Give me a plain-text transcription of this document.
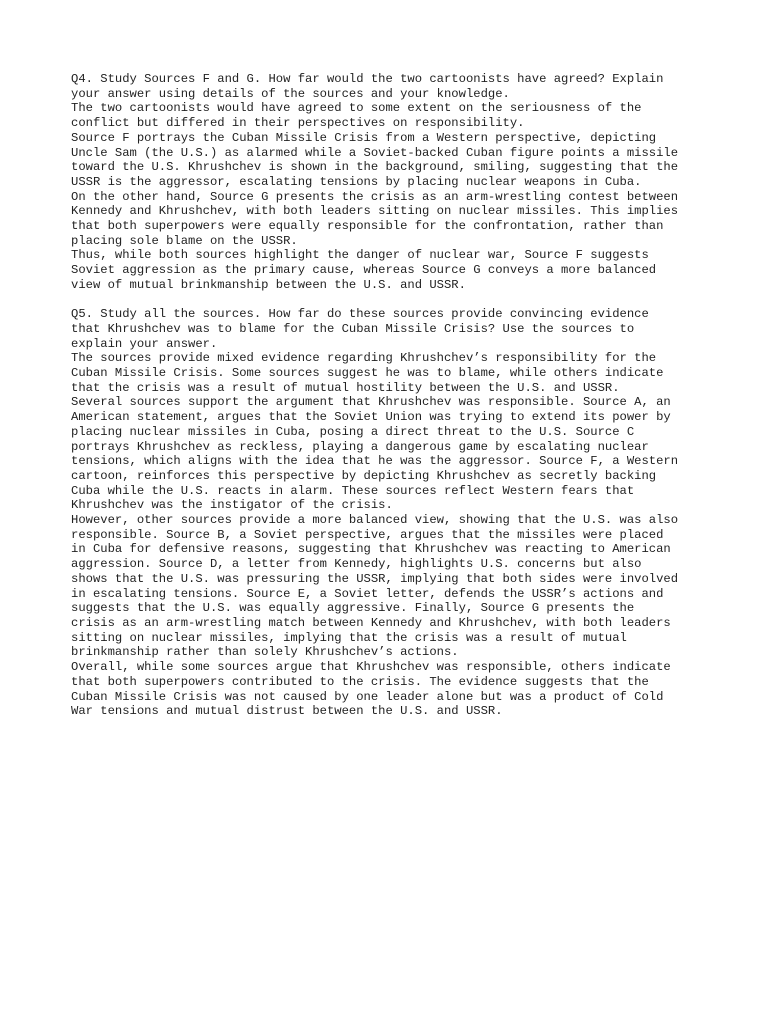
Q4. Study Sources F and G. How far would the two cartoonists have agreed? Explain

your answer using details of the sources and your knowledge.

The two cartoonists would have agreed to some extent on the seriousness of the

conflict but differed in their perspectives on responsibility.

Source F portrays the Cuban Missile Crisis from a Western perspective, depicting

Uncle Sam (the U.S.) as alarmed while a Soviet-backed Cuban figure points a missile

toward the U.S. Khrushchev is shown in the background, smiling, suggesting that the

USSR is the aggressor, escalating tensions by placing nuclear weapons in Cuba.

On the other hand, Source G presents the crisis as an arm-wrestling contest between

Kennedy and Khrushchev, with both leaders sitting on nuclear missiles. This implies

that both superpowers were equally responsible for the confrontation, rather than

placing sole blame on the USSR.

Thus, while both sources highlight the danger of nuclear war, Source F suggests

Soviet aggression as the primary cause, whereas Source G conveys a more balanced

view of mutual brinkmanship between the U.S. and USSR.

Q5. Study all the sources. How far do these sources provide convincing evidence

that Khrushchev was to blame for the Cuban Missile Crisis? Use the sources to

explain your answer.

The sources provide mixed evidence regarding Khrushchev’s responsibility for the

Cuban Missile Crisis. Some sources suggest he was to blame, while others indicate

that the crisis was a result of mutual hostility between the U.S. and USSR.

Several sources support the argument that Khrushchev was responsible. Source A, an

American statement, argues that the Soviet Union was trying to extend its power by

placing nuclear missiles in Cuba, posing a direct threat to the U.S. Source C

portrays Khrushchev as reckless, playing a dangerous game by escalating nuclear

tensions, which aligns with the idea that he was the aggressor. Source F, a Western

cartoon, reinforces this perspective by depicting Khrushchev as secretly backing

Cuba while the U.S. reacts in alarm. These sources reflect Western fears that

Khrushchev was the instigator of the crisis.

However, other sources provide a more balanced view, showing that the U.S. was also

responsible. Source B, a Soviet perspective, argues that the missiles were placed

in Cuba for defensive reasons, suggesting that Khrushchev was reacting to American

aggression. Source D, a letter from Kennedy, highlights U.S. concerns but also

shows that the U.S. was pressuring the USSR, implying that both sides were involved

in escalating tensions. Source E, a Soviet letter, defends the USSR’s actions and

suggests that the U.S. was equally aggressive. Finally, Source G presents the

crisis as an arm-wrestling match between Kennedy and Khrushchev, with both leaders

sitting on nuclear missiles, implying that the crisis was a result of mutual

brinkmanship rather than solely Khrushchev’s actions.

Overall, while some sources argue that Khrushchev was responsible, others indicate

that both superpowers contributed to the crisis. The evidence suggests that the

Cuban Missile Crisis was not caused by one leader alone but was a product of Cold

War tensions and mutual distrust between the U.S. and USSR.
